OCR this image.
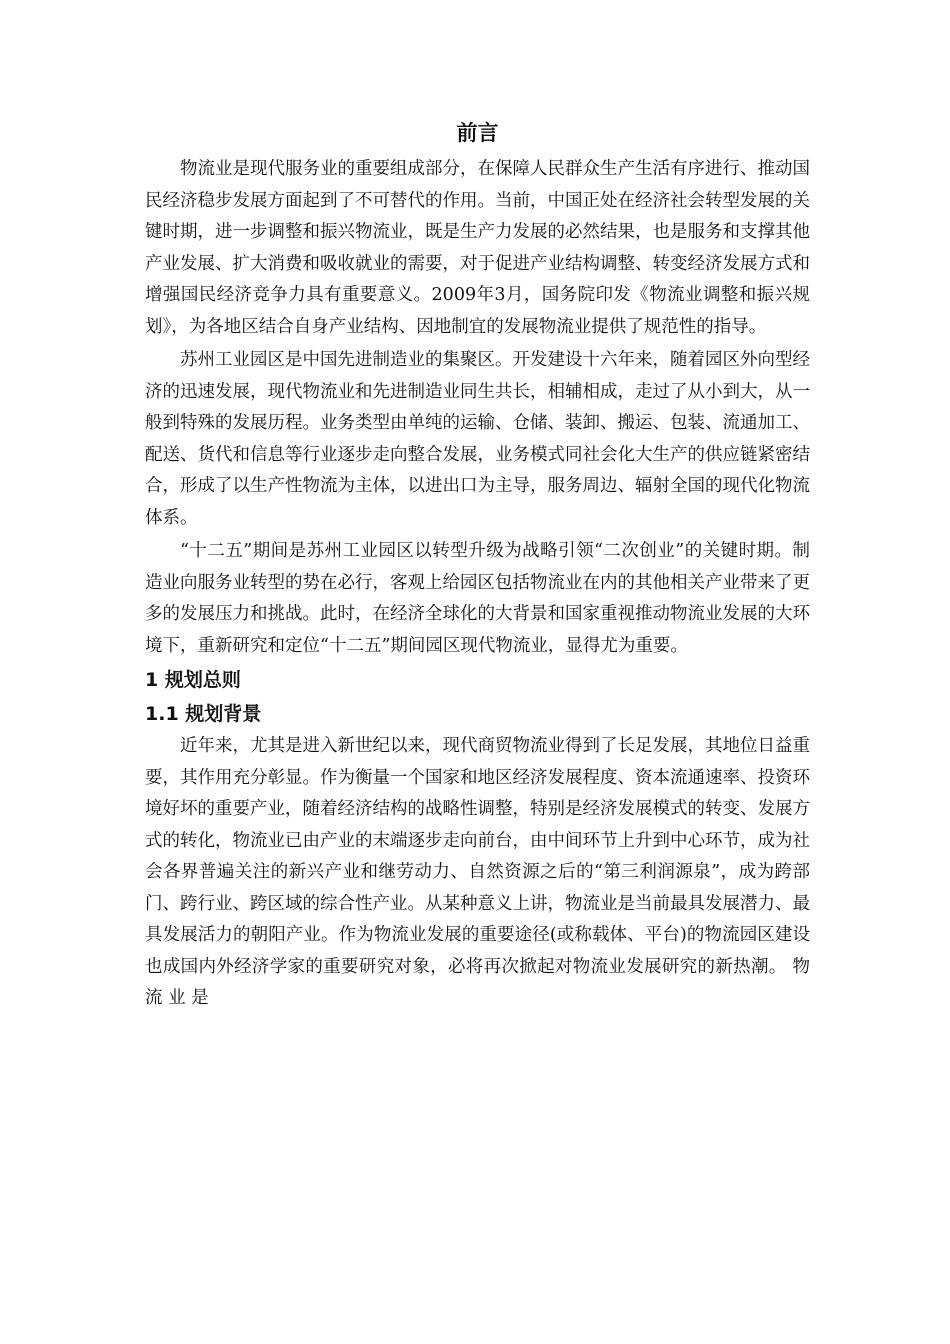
前言

物流业是现代服务业的重要组成部分，在保障人民群众生产生活有序进行、推动国民经济稳步发展方面起到了不可替代的作用。当前，中国正处在经济社会转型发展的关键时期，进一步调整和振兴物流业，既是生产力发展的必然结果，也是服务和支撑其他产业发展、扩大消费和吸收就业的需要，对于促进产业结构调整、转变经济发展方式和增强国民经济竞争力具有重要意义。2009年3月，国务院印发《物流业调整和振兴规划》，为各地区结合自身产业结构、因地制宜的发展物流业提供了规范性的指导。

苏州工业园区是中国先进制造业的集聚区。开发建设十六年来，随着园区外向型经济的迅速发展，现代物流业和先进制造业同生共长，相辅相成，走过了从小到大，从一般到特殊的发展历程。业务类型由单纯的运输、仓储、装卸、搬运、包装、流通加工、配送、货代和信息等行业逐步走向整合发展，业务模式同社会化大生产的供应链紧密结合，形成了以生产性物流为主体，以进出口为主导，服务周边、辐射全国的现代化物流体系。

“十二五”期间是苏州工业园区以转型升级为战略引领“二次创业”的关键时期。制造业向服务业转型的势在必行，客观上给园区包括物流业在内的其他相关产业带来了更多的发展压力和挑战。此时，在经济全球化的大背景和国家重视推动物流业发展的大环境下，重新研究和定位“十二五”期间园区现代物流业，显得尤为重要。

1 规划总则
1.1 规划背景

近年来，尤其是进入新世纪以来，现代商贸物流业得到了长足发展，其地位日益重要，其作用充分彰显。作为衡量一个国家和地区经济发展程度、资本流通速率、投资环境好坏的重要产业，随着经济结构的战略性调整，特别是经济发展模式的转变、发展方式的转化，物流业已由产业的末端逐步走向前台，由中间环节上升到中心环节，成为社会各界普遍关注的新兴产业和继劳动力、自然资源之后的“第三利润源泉”，成为跨部门、跨行业、跨区域的综合性产业。从某种意义上讲，物流业是当前最具发展潜力、最具发展活力的朝阳产业。作为物流业发展的重要途径(或称载体、平台)的物流园区建设也成国内外经济学家的重要研究对象，必将再次掀起对物流业发展研究的新热潮。 物 流 业 是
